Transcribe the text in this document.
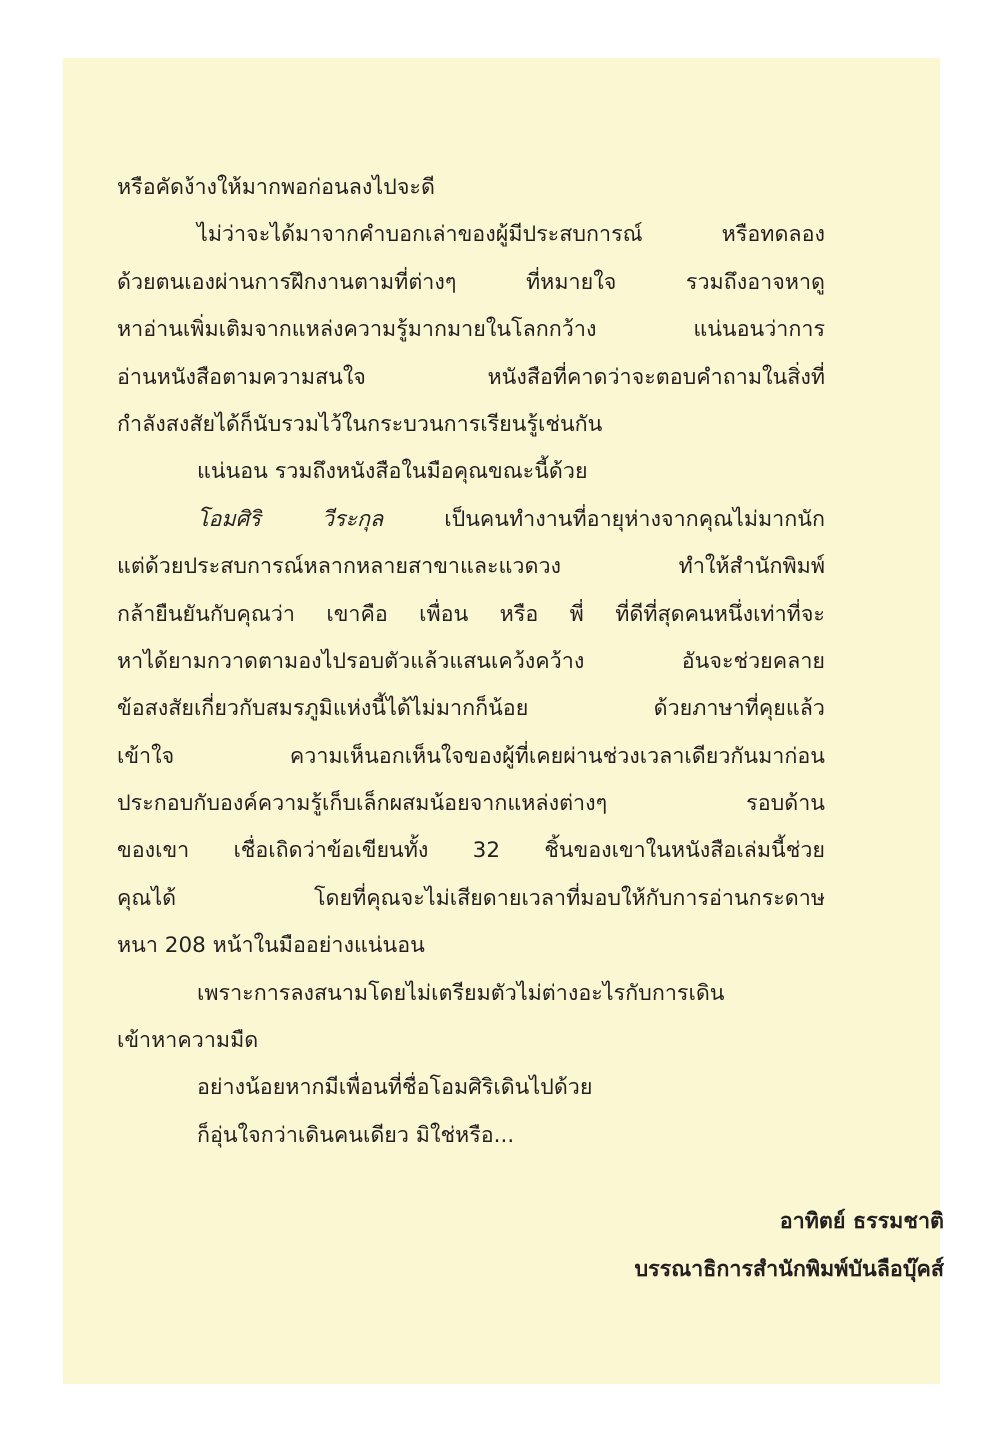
หรือคัดง้างให้มากพอก่อนลงไปจะดี
ไม่ว่าจะได้มาจากคำบอกเล่าของผู้มีประสบการณ์ หรือทดลอง
ด้วยตนเองผ่านการฝึกงานตามที่ต่างๆ ที่หมายใจ รวมถึงอาจหาดู
หาอ่านเพิ่มเติมจากแหล่งความรู้มากมายในโลกกว้าง แน่นอนว่าการ
อ่านหนังสือตามความสนใจ หนังสือที่คาดว่าจะตอบคำถามในสิ่งที่
กำลังสงสัยได้ก็นับรวมไว้ในกระบวนการเรียนรู้เช่นกัน
แน่นอน รวมถึงหนังสือในมือคุณขณะนี้ด้วย
โอมศิริ วีระกุล	เป็นคนทำงานที่อายุห่างจากคุณไม่มากนัก
แต่ด้วยประสบการณ์หลากหลายสาขาและแวดวง ทำให้สำนักพิมพ์
กล้ายืนยันกับคุณว่า เขาคือ เพื่อน หรือ พี่ ที่ดีที่สุดคนหนึ่งเท่าที่จะ
หาได้ยามกวาดตามองไปรอบตัวแล้วแสนเคว้งคว้าง อันจะช่วยคลาย
ข้อสงสัยเกี่ยวกับสมรภูมิแห่งนี้ได้ไม่มากก็น้อย ด้วยภาษาที่คุยแล้ว
เข้าใจ ความเห็นอกเห็นใจของผู้ที่เคยผ่านช่วงเวลาเดียวกันมาก่อน
ประกอบกับองค์ความรู้เก็บเล็กผสมน้อยจากแหล่งต่างๆ รอบด้าน
ของเขา เชื่อเถิดว่าข้อเขียนทั้ง 32 ชิ้นของเขาในหนังสือเล่มนี้ช่วย
คุณได้ โดยที่คุณจะไม่เสียดายเวลาที่มอบให้กับการอ่านกระดาษ
หนา 208 หน้าในมืออย่างแน่นอน
เพราะการลงสนามโดยไม่เตรียมตัวไม่ต่างอะไรกับการเดิน
เข้าหาความมืด
อย่างน้อยหากมีเพื่อนที่ชื่อโอมศิริเดินไปด้วย
ก็อุ่นใจกว่าเดินคนเดียว มิใช่หรือ...
อาทิตย์ ธรรมชาติ
บรรณาธิการสำนักพิมพ์บันลือบุ๊คส์
